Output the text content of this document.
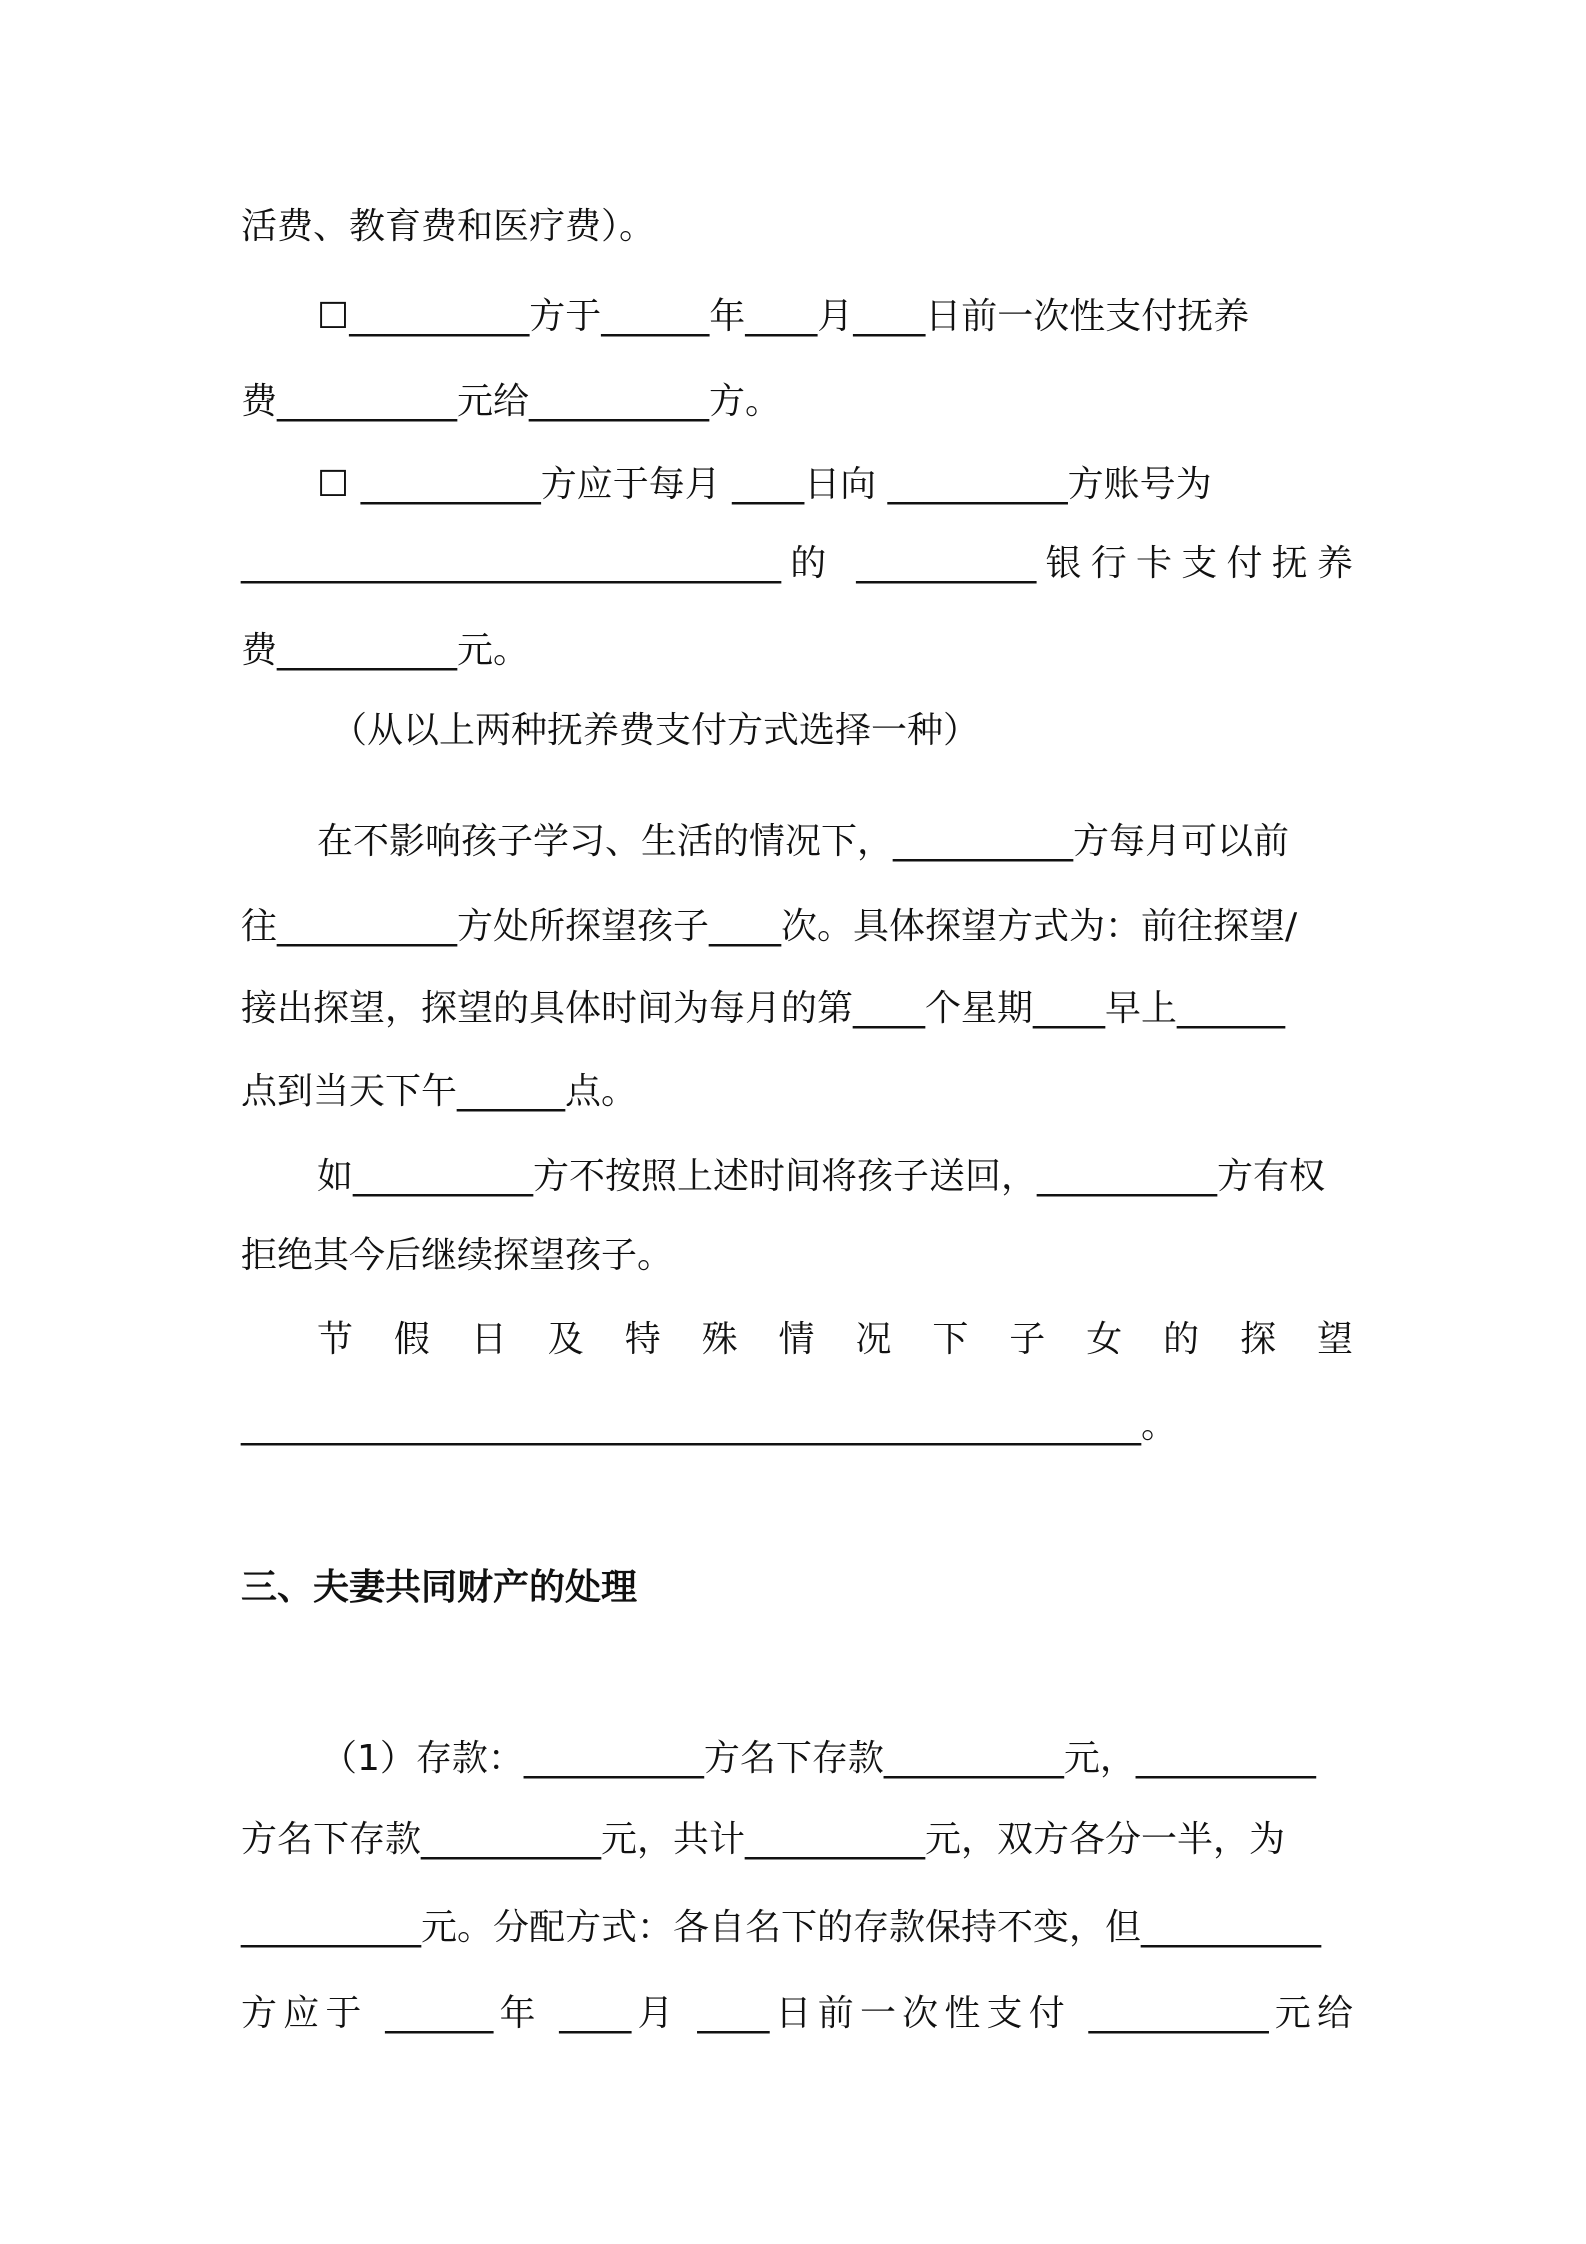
活费、教育费和医疗费）。
☐__________方于______年____月____日前一次性支付抚养
费__________元给__________方。
☐ __________方应于每月 ____日向 __________方账号为
______________________________的 __________银行卡支付抚养
费__________元。
（从以上两种抚养费支付方式选择一种）
在不影响孩子学习、生活的情况下，__________方每月可以前
往__________方处所探望孩子____次。具体探望方式为：前往探望/
接出探望，探望的具体时间为每月的第____个星期____早上______
点到当天下午______点。
如__________方不按照上述时间将孩子送回，__________方有权
拒绝其今后继续探望孩子。
节假日及特殊情况下子女的探望
__________________________________________________。
三、夫妻共同财产的处理
（1）存款：__________方名下存款__________元，__________
方名下存款__________元，共计__________元，双方各分一半，为
__________元。分配方式：各自名下的存款保持不变，但__________
方应于 ______年 ____月 ____日前一次性支付 __________元给
